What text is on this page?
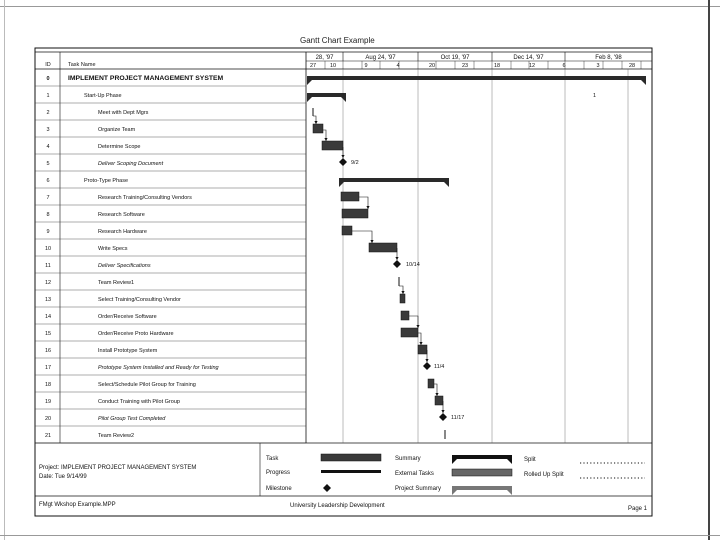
Gantt Chart Example
ID	Task Name
28, '97	Aug 24, '97	Oct 19, '97	Dec 14, '97	Feb 8, '98
27	10	9	4	20	23	18	12	6	3	28
0	IMPLEMENT PROJECT MANAGEMENT SYSTEM
1	Start-Up Phase
2	Meet with Dept Mgrs
3	Organize Team
4	Determine Scope
5	Deliver Scoping Document
6	Proto-Type Phase
7	Research Training/Consulting Vendors
8	Research Software
9	Research Hardware
10	Write Specs
11	Deliver Specifications
12	Team Review1
13	Select Training/Consulting Vendor
14	Order/Receive Software
15	Order/Receive Proto Hardware
16	Install Prototype System
17	Prototype System Installed and Ready for Testing
18	Select/Schedule Pilot Group for Training
19	Conduct Training with Pilot Group
20	Pilot Group Test Completed
21	Team Review2
1
9/2
10/14
11/4
11/17
Task
Progress
Milestone
Summary
External Tasks
Project Summary
Split
Rolled Up Split
Project: IMPLEMENT PROJECT MANAGEMENT SYSTEM
Date: Tue 9/14/99
FMgt Wkshop Example.MPP	University Leadership Development	Page 1
